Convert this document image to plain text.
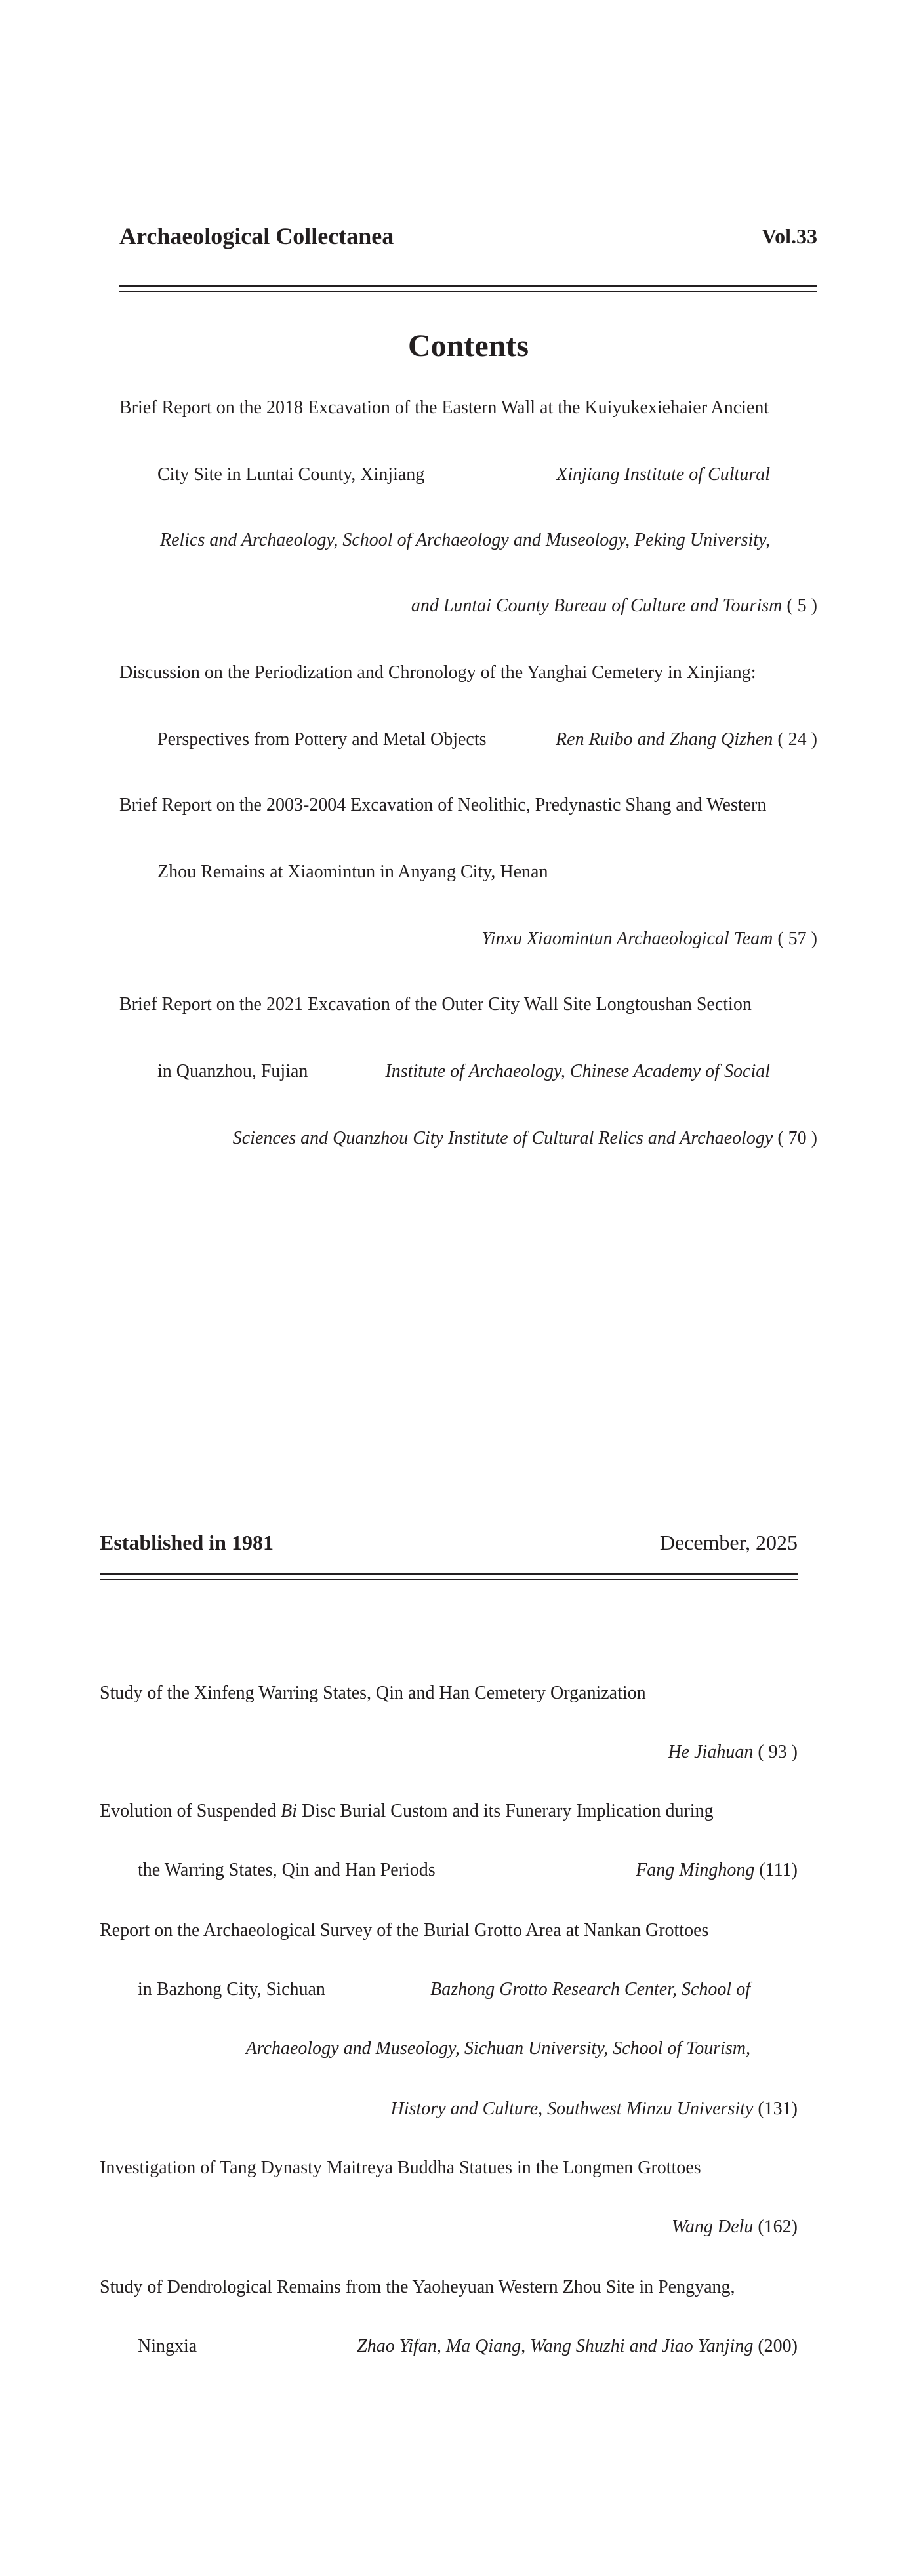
Archaeological Collectanea	Vol.33
Contents
Brief Report on the 2018 Excavation of the Eastern Wall at the Kuiyukexiehaier Ancient
City Site in Luntai County, Xinjiang	Xinjiang Institute of Cultural
Relics and Archaeology, School of Archaeology and Museology, Peking University,
and Luntai County Bureau of Culture and Tourism ( 5 )
Discussion on the Periodization and Chronology of the Yanghai Cemetery in Xinjiang:
Perspectives from Pottery and Metal Objects	Ren Ruibo and Zhang Qizhen ( 24 )
Brief Report on the 2003-2004 Excavation of Neolithic, Predynastic Shang and Western
Zhou Remains at Xiaomintun in Anyang City, Henan
Yinxu Xiaomintun Archaeological Team ( 57 )
Brief Report on the 2021 Excavation of the Outer City Wall Site Longtoushan Section
in Quanzhou, Fujian	Institute of Archaeology, Chinese Academy of Social
Sciences and Quanzhou City Institute of Cultural Relics and Archaeology ( 70 )
Established in 1981	December, 2025
Study of the Xinfeng Warring States, Qin and Han Cemetery Organization
He Jiahuan ( 93 )
Evolution of Suspended Bi Disc Burial Custom and its Funerary Implication during
the Warring States, Qin and Han Periods	Fang Minghong (111)
Report on the Archaeological Survey of the Burial Grotto Area at Nankan Grottoes
in Bazhong City, Sichuan	Bazhong Grotto Research Center, School of
Archaeology and Museology, Sichuan University, School of Tourism,
History and Culture, Southwest Minzu University (131)
Investigation of Tang Dynasty Maitreya Buddha Statues in the Longmen Grottoes
Wang Delu (162)
Study of Dendrological Remains from the Yaoheyuan Western Zhou Site in Pengyang,
Ningxia	Zhao Yifan, Ma Qiang, Wang Shuzhi and Jiao Yanjing (200)
